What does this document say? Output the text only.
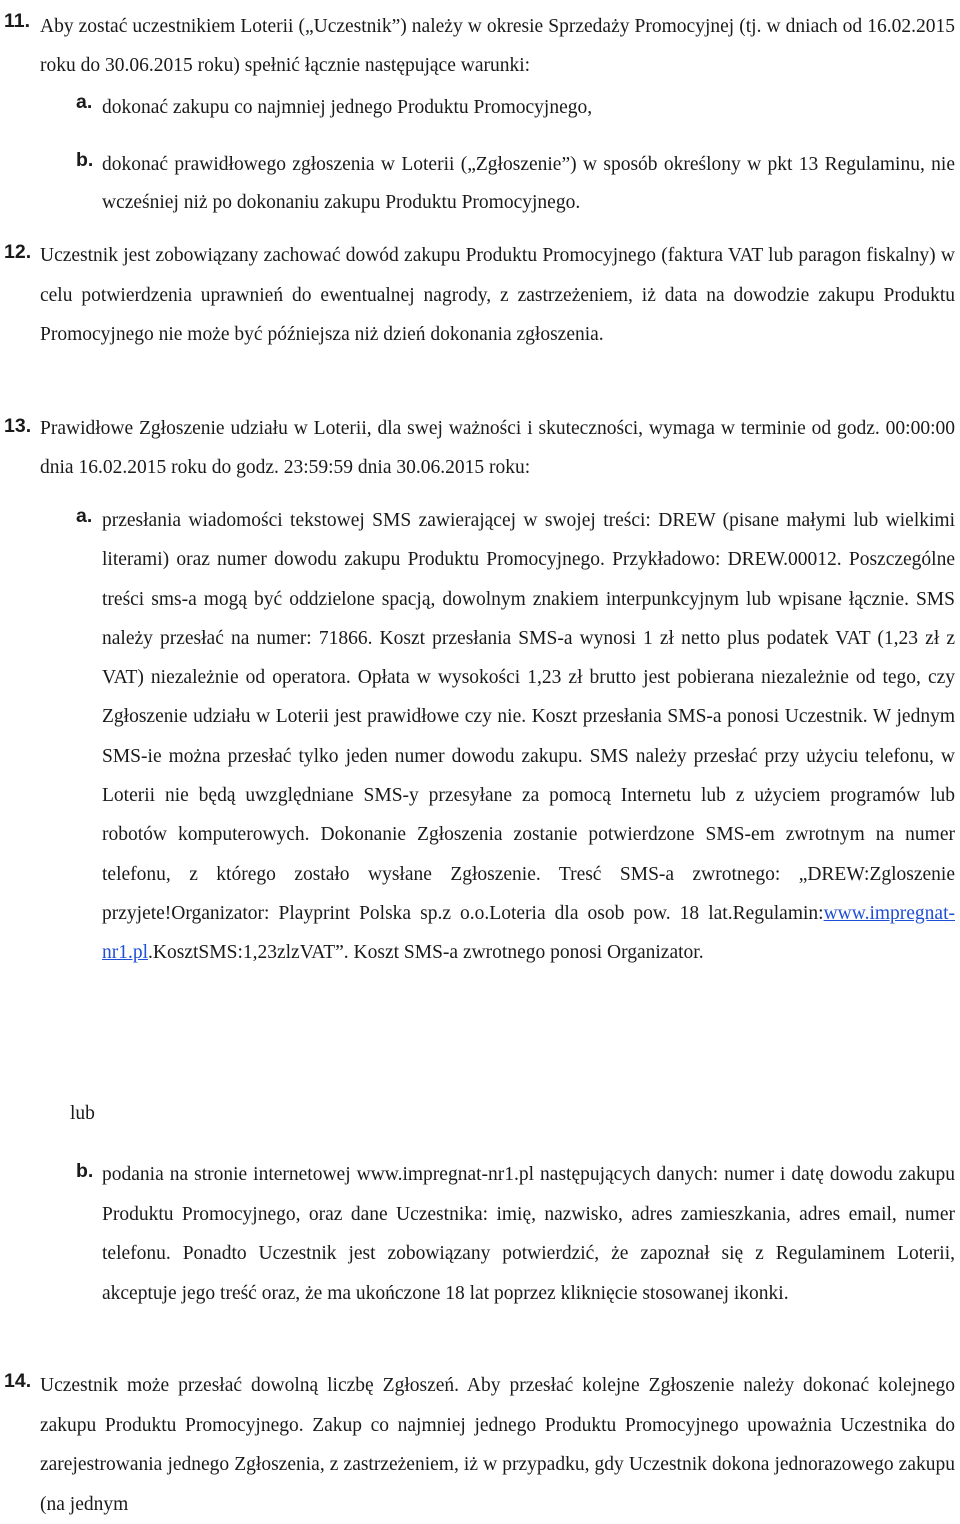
11. Aby zostać uczestnikiem Loterii („Uczestnik”) należy w okresie Sprzedaży Promocyjnej (tj. w dniach od 16.02.2015 roku do 30.06.2015 roku) spełnić łącznie następujące warunki:

a. dokonać zakupu co najmniej jednego Produktu Promocyjnego,

b. dokonać prawidłowego zgłoszenia w Loterii („Zgłoszenie”) w sposób określony w pkt 13 Regulaminu, nie wcześniej niż po dokonaniu zakupu Produktu Promocyjnego.

12. Uczestnik jest zobowiązany zachować dowód zakupu Produktu Promocyjnego (faktura VAT lub paragon fiskalny) w celu potwierdzenia uprawnień do ewentualnej nagrody, z zastrzeżeniem, iż data na dowodzie zakupu Produktu Promocyjnego nie może być późniejsza niż dzień dokonania zgłoszenia.

13. Prawidłowe Zgłoszenie udziału w Loterii, dla swej ważności i skuteczności, wymaga w terminie od godz. 00:00:00 dnia 16.02.2015 roku do godz. 23:59:59 dnia 30.06.2015 roku:

a. przesłania wiadomości tekstowej SMS zawierającej w swojej treści: DREW (pisane małymi lub wielkimi literami) oraz numer dowodu zakupu Produktu Promocyjnego. Przykładowo: DREW.00012. Poszczególne treści sms-a mogą być oddzielone spacją, dowolnym znakiem interpunkcyjnym lub wpisane łącznie. SMS należy przesłać na numer: 71866. Koszt przesłania SMS-a wynosi 1 zł netto plus podatek VAT (1,23 zł z VAT) niezależnie od operatora. Opłata w wysokości 1,23 zł brutto jest pobierana niezależnie od tego, czy Zgłoszenie udziału w Loterii jest prawidłowe czy nie. Koszt przesłania SMS-a ponosi Uczestnik. W jednym SMS-ie można przesłać tylko jeden numer dowodu zakupu. SMS należy przesłać przy użyciu telefonu, w Loterii nie będą uwzględniane SMS-y przesyłane za pomocą Internetu lub z użyciem programów lub robotów komputerowych. Dokonanie Zgłoszenia zostanie potwierdzone SMS-em zwrotnym na numer telefonu, z którego zostało wysłane Zgłoszenie. Tresć SMS-a zwrotnego: „DREW:Zgloszenie przyjete!Organizator: Playprint Polska sp.z o.o.Loteria dla osob pow. 18 lat.Regulamin:www.impregnat-nr1.pl.KosztSMS:1,23zlzVAT”. Koszt SMS-a zwrotnego ponosi Organizator.

lub
b. podania na stronie internetowej www.impregnat-nr1.pl następujących danych: numer i datę dowodu zakupu Produktu Promocyjnego, oraz dane Uczestnika: imię, nazwisko, adres zamieszkania, adres email, numer telefonu. Ponadto Uczestnik jest zobowiązany potwierdzić, że zapoznał się z Regulaminem Loterii, akceptuje jego treść oraz, że ma ukończone 18 lat poprzez kliknięcie stosowanej ikonki.

14. Uczestnik może przesłać dowolną liczbę Zgłoszeń. Aby przesłać kolejne Zgłoszenie należy dokonać kolejnego zakupu Produktu Promocyjnego. Zakup co najmniej jednego Produktu Promocyjnego upoważnia Uczestnika do zarejestrowania jednego Zgłoszenia, z zastrzeżeniem, iż w przypadku, gdy Uczestnik dokona jednorazowego zakupu (na jednym
